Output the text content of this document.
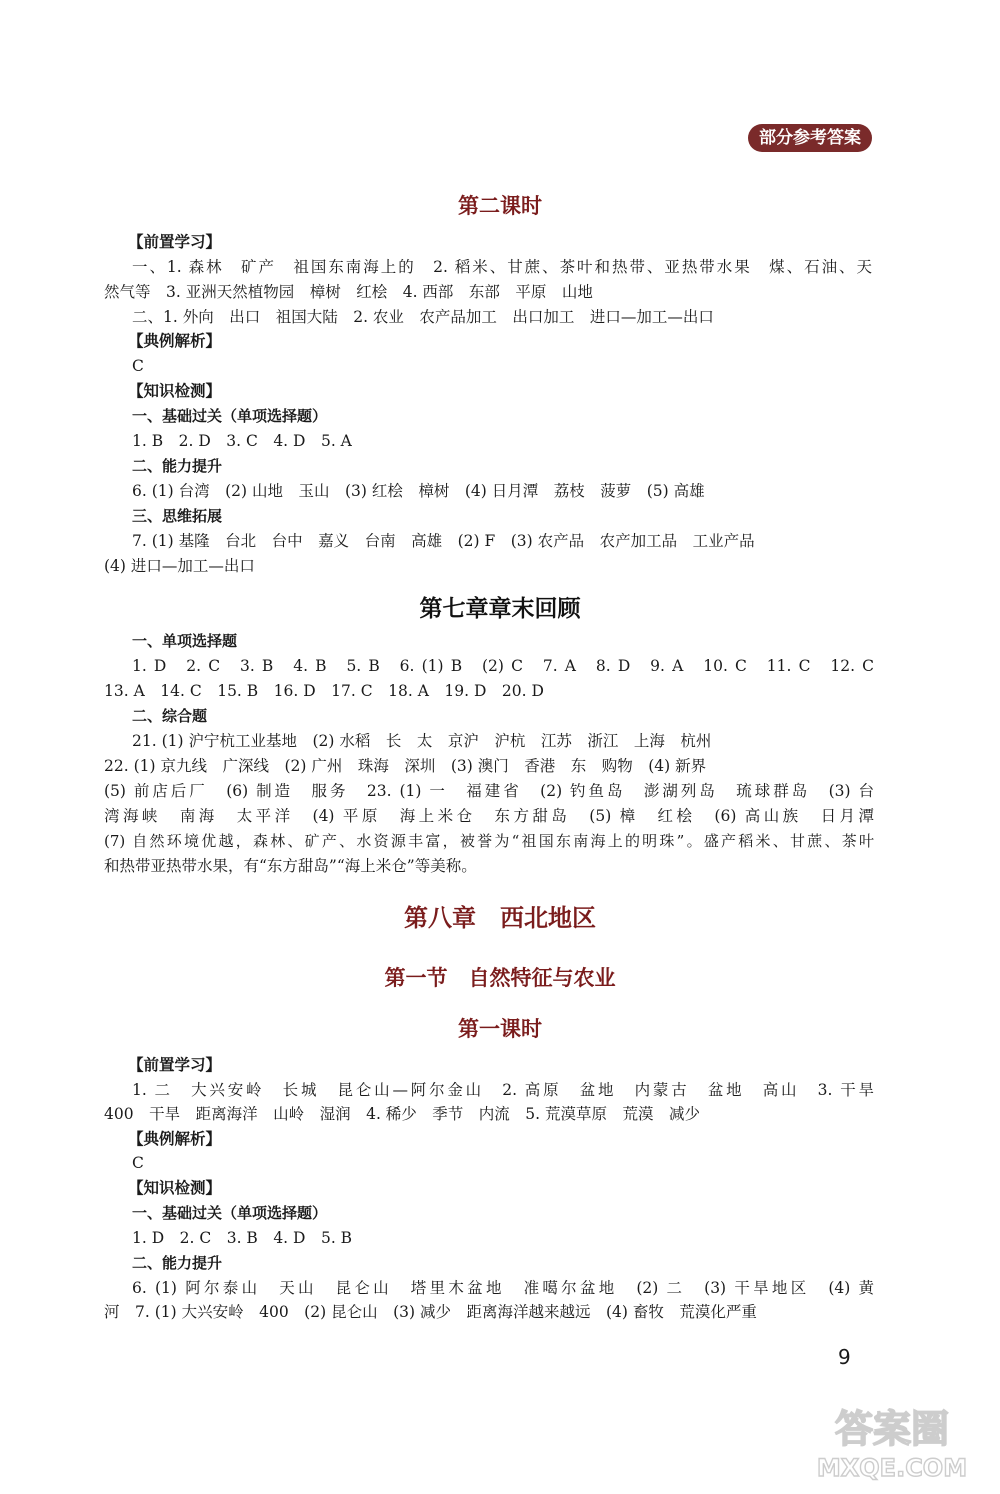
部分参考答案
第二课时

【前置学习】

一、1. 森林　矿产　祖国东南海上的　2. 稻米、甘蔗、茶叶和热带、亚热带水果　煤、石油、天

然气等　3. 亚洲天然植物园　樟树　红桧　4. 西部　东部　平原　山地

二、1. 外向　出口　祖国大陆　2. 农业　农产品加工　出口加工　进口—加工—出口

【典例解析】

C

【知识检测】

一、基础过关（单项选择题）

1. B　2. D　3. C　4. D　5. A

二、能力提升

6. (1) 台湾　(2) 山地　玉山　(3) 红桧　樟树　(4) 日月潭　荔枝　菠萝　(5) 高雄

三、思维拓展

7. (1) 基隆　台北　台中　嘉义　台南　高雄　(2) F　(3) 农产品　农产加工品　工业产品

(4) 进口—加工—出口

第七章章末回顾

一、单项选择题

1. D　2. C　3. B　4. B　5. B　6. (1) B　(2) C　7. A　8. D　9. A　10. C　11. C　12. C

13. A　14. C　15. B　16. D　17. C　18. A　19. D　20. D

二、综合题

21. (1) 沪宁杭工业基地　(2) 水稻　长　太　京沪　沪杭　江苏　浙江　上海　杭州

22. (1) 京九线　广深线　(2) 广州　珠海　深圳　(3) 澳门　香港　东　购物　(4) 新界

(5) 前店后厂　(6) 制造　服务　23. (1) 一　福建省　(2) 钓鱼岛　澎湖列岛　琉球群岛　(3) 台

湾海峡　南海　太平洋　(4) 平原　海上米仓　东方甜岛　(5) 樟　红桧　(6) 高山族　日月潭

(7) 自然环境优越，森林、矿产、水资源丰富，被誉为“祖国东南海上的明珠”。盛产稻米、甘蔗、茶叶

和热带亚热带水果，有“东方甜岛”“海上米仓”等美称。

第八章　西北地区
第一节　自然特征与农业
第一课时

【前置学习】

1. 二　大兴安岭　长城　昆仑山—阿尔金山　2. 高原　盆地　内蒙古　盆地　高山　3. 干旱

400　干旱　距离海洋　山岭　湿润　4. 稀少　季节　内流　5. 荒漠草原　荒漠　减少

【典例解析】

C

【知识检测】

一、基础过关（单项选择题）

1. D　2. C　3. B　4. D　5. B

二、能力提升

6. (1) 阿尔泰山　天山　昆仑山　塔里木盆地　准噶尔盆地　(2) 二　(3) 干旱地区　(4) 黄

河　7. (1) 大兴安岭　400　(2) 昆仑山　(3) 减少　距离海洋越来越远　(4) 畜牧　荒漠化严重

9
答案圈
MXQE.COM
